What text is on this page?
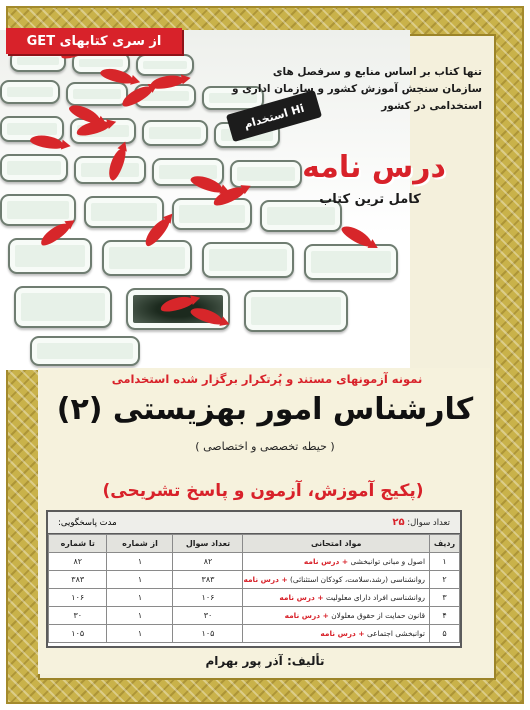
از سری کتابهای GET
تنها کتاب بر اساس منابع و سرفصل های سازمان سنجش آموزش کشور و سازمان اداری و استخدامی در کشور
Hi استخدام
درس نامه
کامل ترین کتاب
نمونه آزمونهای مستند و پُرتکرار برگزار شده استخدامی
کارشناس امور بهزیستی (۲)
( حیطه تخصصی و اختصاصی )
(پکیج آموزش، آزمون و پاسخ تشریحی)
تعداد سوال: ۲۵
مدت پاسخگویی:
ردیف	مواد امتحانی	تعداد سوال	از شماره	تا شماره
۱	اصول و مبانی توانبخشی + درس نامه	۸۲	۱	۸۲
۲	روانشناسی (رشد،سلامت، کودکان استثنائی) + درس نامه	۳۸۳	۱	۳۸۳
۳	روانشناسی افراد دارای معلولیت + درس نامه	۱۰۶	۱	۱۰۶
۴	قانون حمایت از حقوق معلولان + درس نامه	۳۰	۱	۳۰
۵	توانبخشی اجتماعی + درس نامه	۱۰۵	۱	۱۰۵
تألیف: آذر پور بهرام
